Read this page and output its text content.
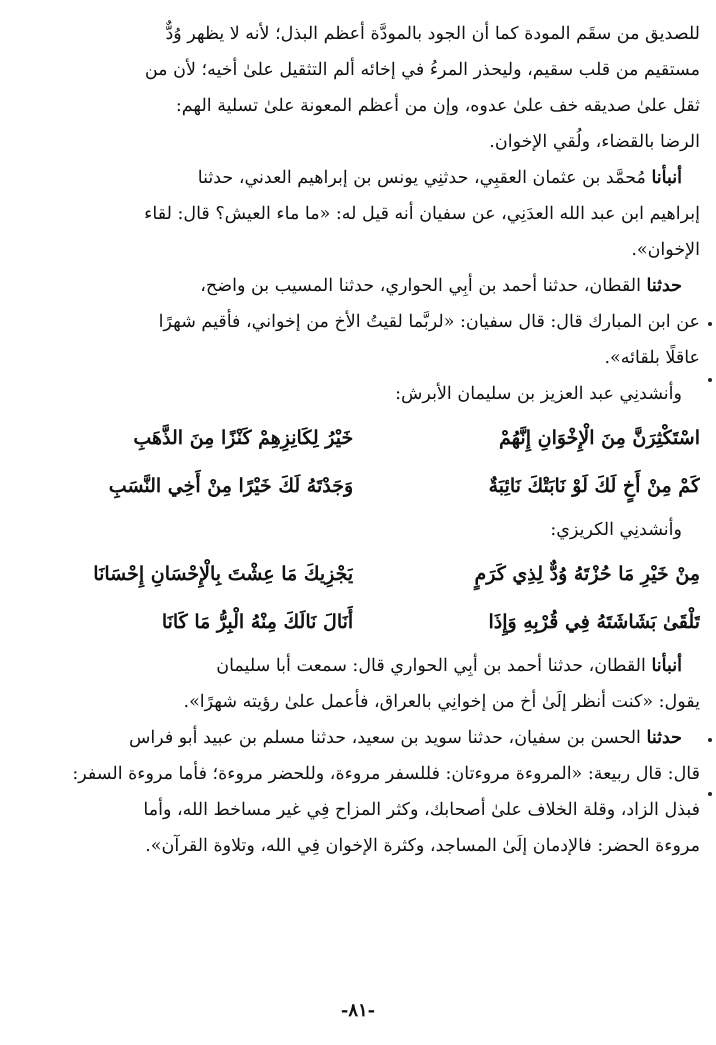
للصديق من سقَم المودة كما أن الجود بالمودَّة أعظم البذل؛ لأنه لا يظهر وُدٌّ
مستقيم من قلب سقيم، وليحذر المرءُ في إخائه ألم التثقيل علىٰ أخيه؛ لأن من
ثقل علىٰ صديقه خف علىٰ عدوه، وإن من أعظم المعونة علىٰ تسلية الهم:
الرضا بالقضاء، ولُقي الإخوان.
أنبأنا مُحمَّد بن عثمان العقبِي، حدثنِي يونس بن إبراهيم العدني، حدثنا
إبراهيم ابن عبد الله العدَنِي، عن سفيان أنه قيل له: «ما ماء العيش؟ قال: لقاء
الإخوان».
حدثنا القطان، حدثنا أحمد بن أبِي الحواري، حدثنا المسيب بن واضح،
عن ابن المبارك قال: قال سفيان: «لربَّما لقيتُ الأخ من إخواني، فأقيم شهرًا
عاقلًا بلقائه».
وأنشدنِي عبد العزيز بن سليمان الأبرش:
اسْتَكْثِرَنَّ مِنَ الْإِخْوَانِ إِنَّهُمْ
خَيْرُ لِكَانِزِهِمْ كَنْزًا مِنَ الذَّهَبِ
كَمْ مِنْ أَخٍ لَكَ لَوْ نَابَتْكَ نَائِبَةٌ
وَجَدْتَهُ لَكَ خَيْرًا مِنْ أَخِي النَّسَبِ
وأنشدنِي الكريزي:
مِنْ خَيْرِ مَا حُزْتَهُ وُدٌّ لِذِي كَرَمٍ
يَجْزِيكَ مَا عِشْتَ بِالْإِحْسَانِ إِحْسَانَا
تَلْقَىٰ بَشَاشَتَهُ فِي قُرْبِهِ وَإِذَا
أَنَالَ نَالَكَ مِنْهُ الْبِرُّ مَا كَانَا
أنبأنا القطان، حدثنا أحمد بن أبِي الحواري قال: سمعت أبا سليمان
يقول: «كنت أنظر إلَىٰ أخ من إخوانِي بالعراق، فأعمل علىٰ رؤيته شهرًا».
حدثنا الحسن بن سفيان، حدثنا سويد بن سعيد، حدثنا مسلم بن عبيد أبو فراس
قال: قال ربيعة: «المروءة مروءتان: فللسفر مروءة، وللحضر مروءة؛ فأما مروءة السفر:
فبذل الزاد، وقلة الخلاف علىٰ أصحابك، وكثر المزاح فِي غير مساخط الله، وأما
مروءة الحضر: فالإدمان إلَىٰ المساجد، وكثرة الإخوان فِي الله، وتلاوة القرآن».
-٨١-
